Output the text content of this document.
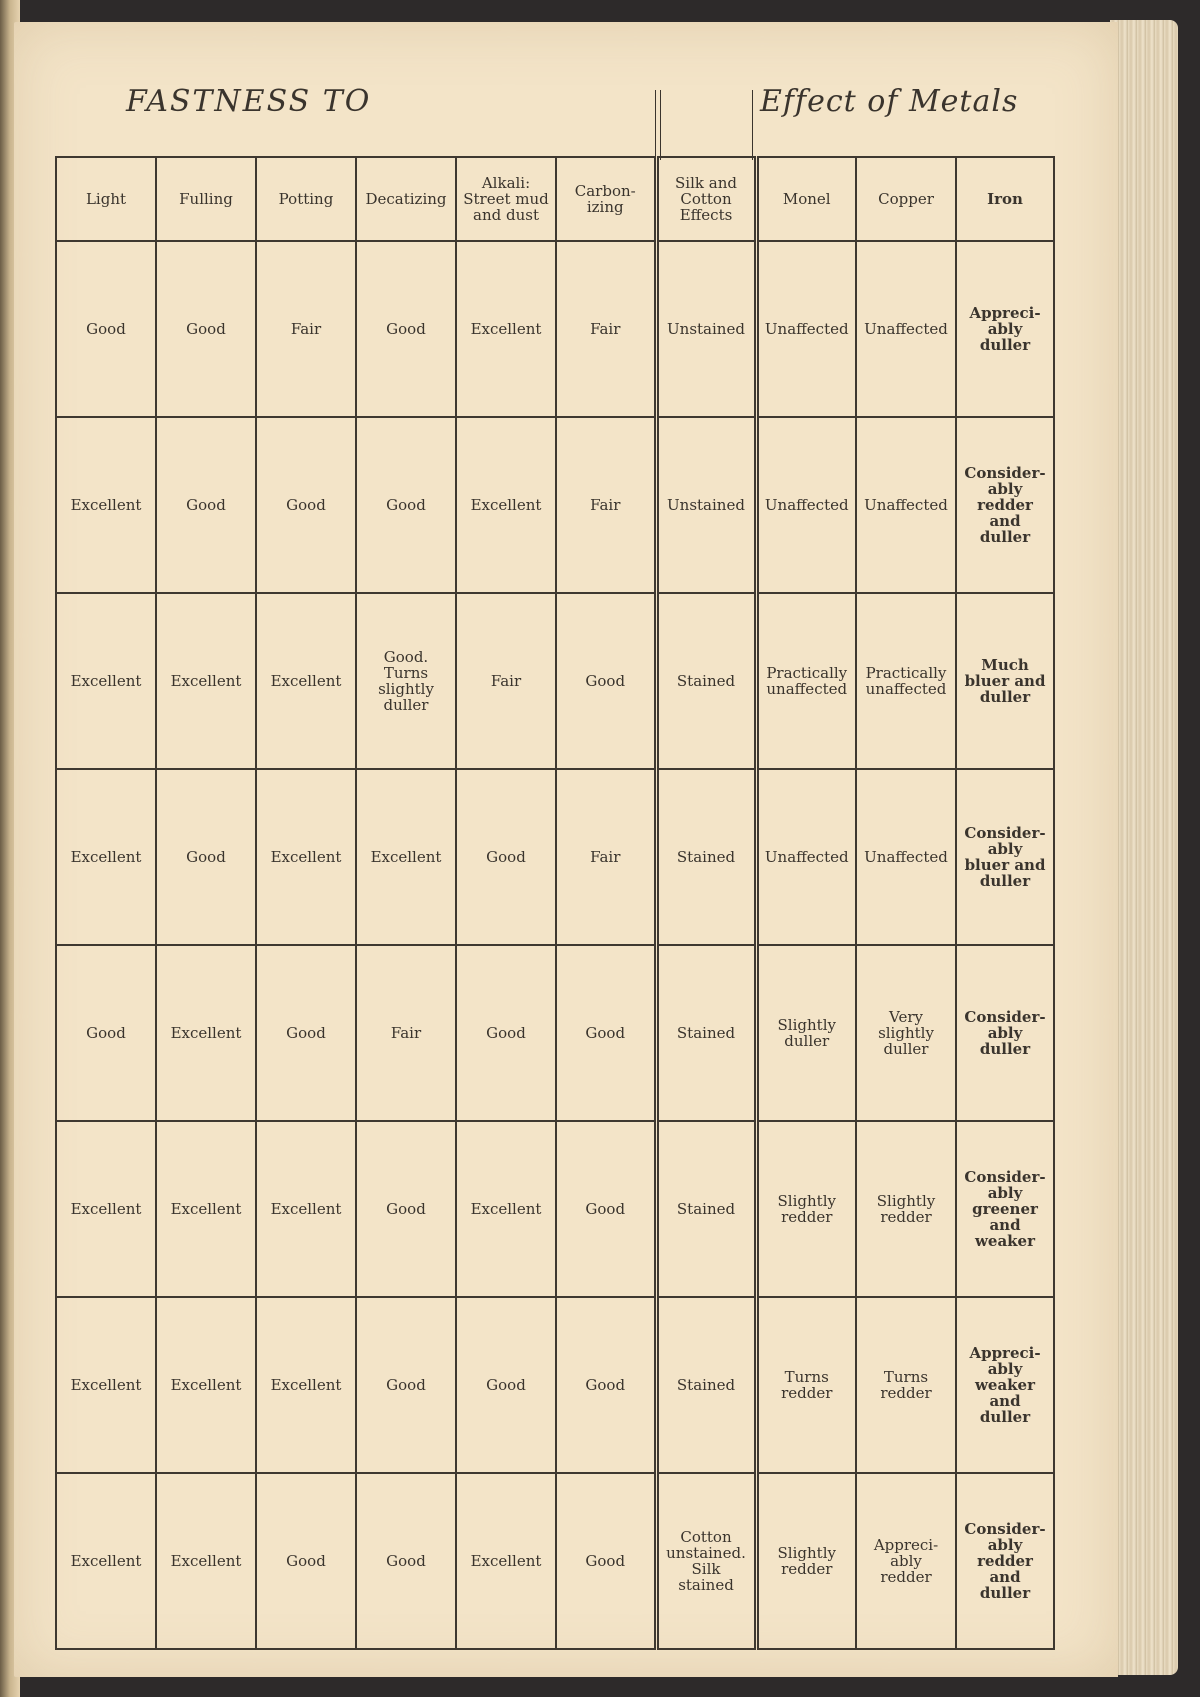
FASTNESS TO	Effect of Metals
Light	Fulling	Potting	Decatizing	Alkali:
Street mud
and dust	Carbon-
izing	Silk and
Cotton
Effects	Monel	Copper	Iron
Good	Good	Fair	Good	Excellent	Fair	Unstained	Unaffected	Unaffected	Appreci-
ably
duller
Excellent	Good	Good	Good	Excellent	Fair	Unstained	Unaffected	Unaffected	Consider-
ably
redder and
duller
Excellent	Excellent	Excellent	Good.
Turns
slightly
duller	Fair	Good	Stained	Practically
unaffected	Practically
unaffected	Much
bluer and
duller
Excellent	Good	Excellent	Excellent	Good	Fair	Stained	Unaffected	Unaffected	Consider-
ably
bluer and
duller
Good	Excellent	Good	Fair	Good	Good	Stained	Slightly
duller	Very
slightly
duller	Consider-
ably
duller
Excellent	Excellent	Excellent	Good	Excellent	Good	Stained	Slightly
redder	Slightly
redder	Consider-
ably
greener
and
weaker
Excellent	Excellent	Excellent	Good	Good	Good	Stained	Turns
redder	Turns
redder	Appreci-
ably
weaker
and
duller
Excellent	Excellent	Good	Good	Excellent	Good	Cotton
unstained.
Silk
stained	Slightly
redder	Appreci-
ably
redder	Consider-
ably
redder
and
duller
